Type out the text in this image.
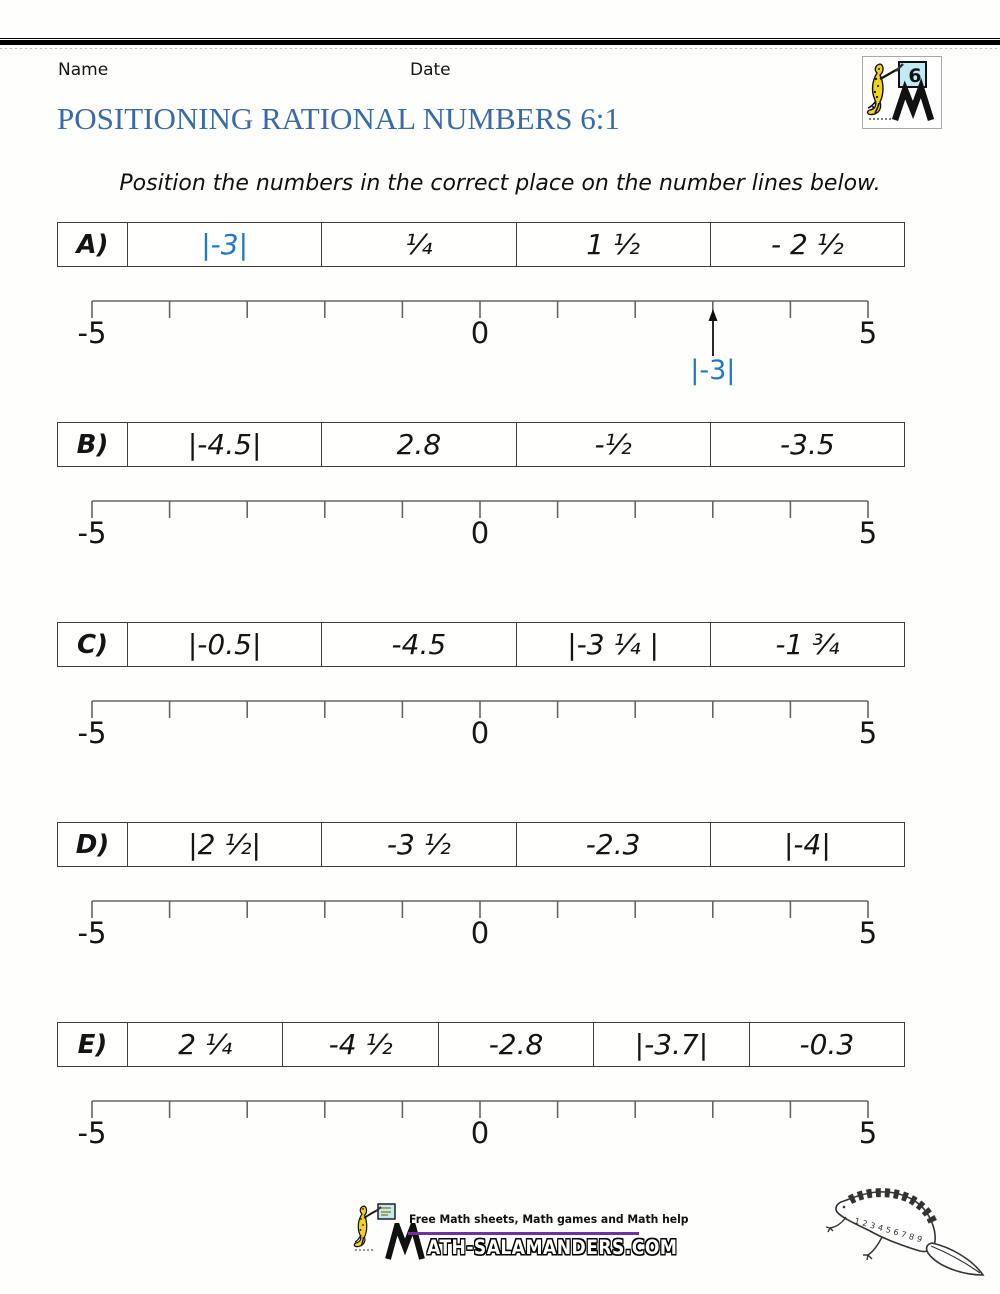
Name	Date	6
POSITIONING RATIONAL NUMBERS 6:1
Position the numbers in the correct place on the number lines below.
A)	|-3|	¼	1 ½	- 2 ½
-5	0	5
|-3|
B)	|-4.5|	2.8	-½	-3.5
-5	0	5
C)	|-0.5|	-4.5	|-3 ¼ |	-1 ¾
-5	0	5
D)	|2 ½|	-3 ½	-2.3	|-4|
-5	0	5
E)	2 ¼	-4 ½	-2.8	|-3.7|	-0.3
-5	0	5
Free Math sheets, Math games and Math help
ATH-SALAMANDERS.COM
123456789
